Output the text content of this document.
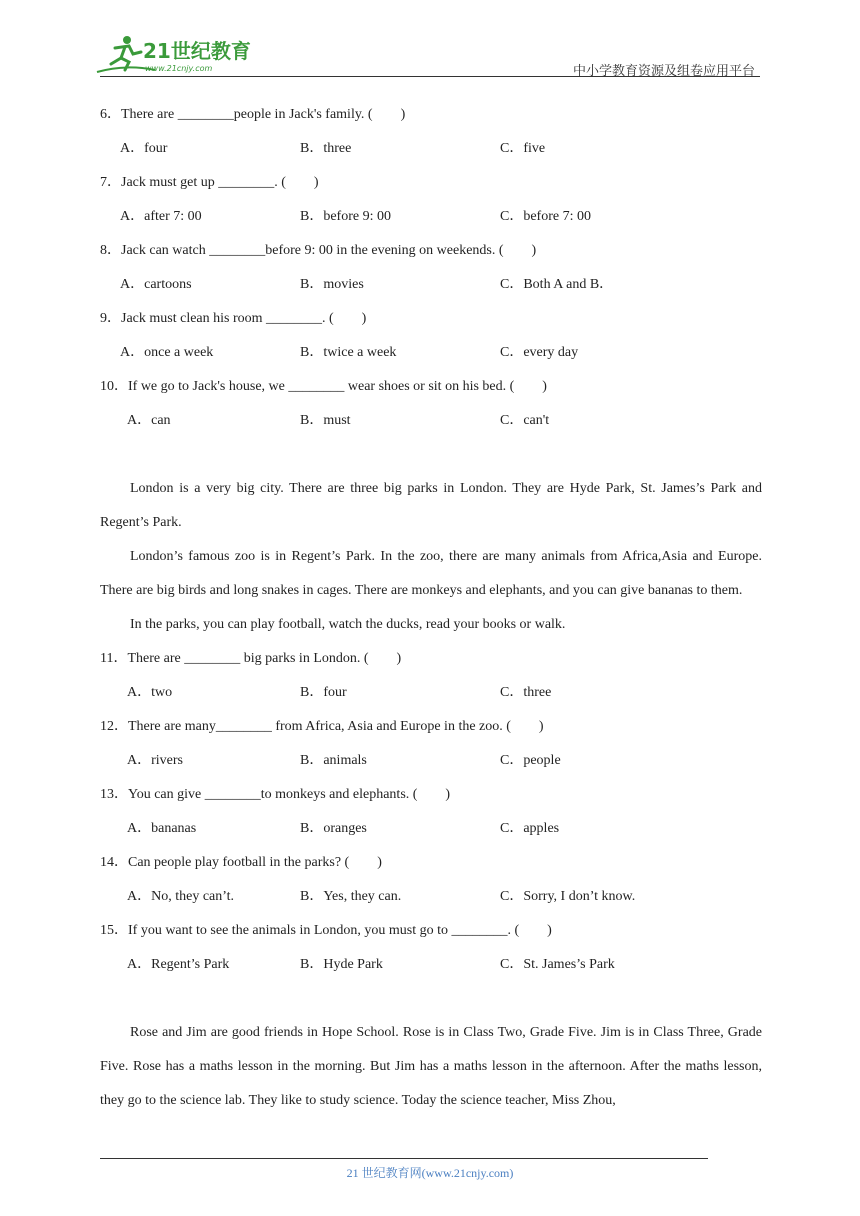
21世纪教育
www.21cnjy.com	中小学教育资源及组卷应用平台
6．There are ________people in Jack's family. (　　)
A．four	B．three	C．five
7．Jack must get up ________. (　　)
A．after 7: 00	B．before 9: 00	C．before 7: 00
8．Jack can watch ________before 9: 00 in the evening on weekends. (　　)
A．cartoons	B．movies	C．Both A and B．
9．Jack must clean his room ________. (　　)
A．once a week	B．twice a week	C．every day
10．If we go to Jack's house, we ________ wear shoes or sit on his bed. (　　)
A．can	B．must	C．can't

London is a very big city. There are three big parks in London. They are Hyde Park, St. James’s Park and Regent’s Park.

London’s famous zoo is in Regent’s Park. In the zoo, there are many animals from Africa,Asia and Europe. There are big birds and long snakes in cages. There are monkeys and elephants, and you can give bananas to them.

In the parks, you can play football, watch the ducks, read your books or walk.

11．There are ________ big parks in London. (　　)
A．two	B．four	C．three
12．There are many________ from Africa, Asia and Europe in the zoo. (　　)
A．rivers	B．animals	C．people
13．You can give ________to monkeys and elephants. (　　)
A．bananas	B．oranges	C．apples
14．Can people play football in the parks? (　　)
A．No, they can’t.	B．Yes, they can.	C．Sorry, I don’t know.
15．If you want to see the animals in London, you must go to ________. (　　)
A．Regent’s Park	B．Hyde Park	C．St. James’s Park

Rose and Jim are good friends in Hope School. Rose is in Class Two, Grade Five. Jim is in Class Three, Grade Five. Rose has a maths lesson in the morning. But Jim has a maths lesson in the afternoon. After the maths lesson, they go to the science lab. They like to study science. Today the science teacher, Miss Zhou,

21 世纪教育网(www.21cnjy.com)
